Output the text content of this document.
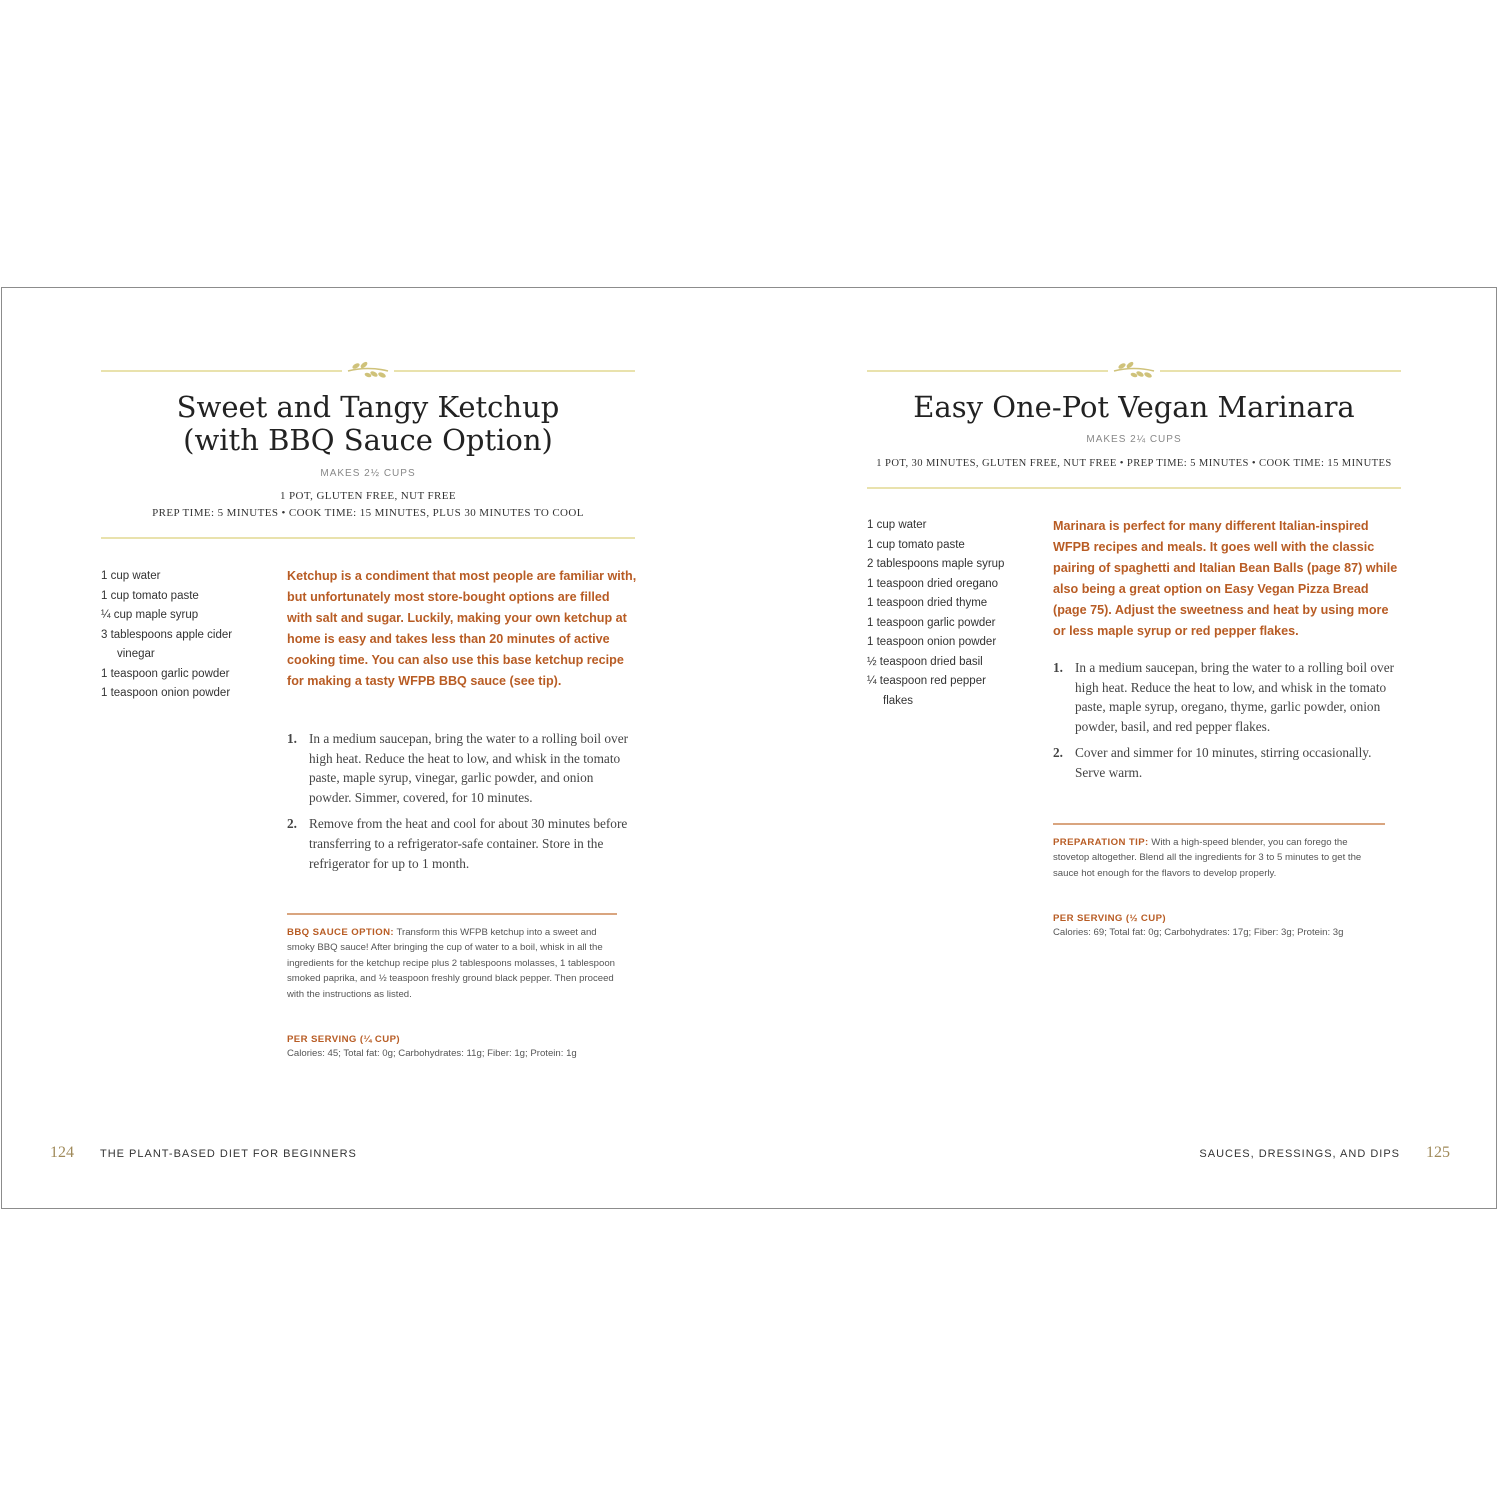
Sweet and Tangy Ketchup
(with BBQ Sauce Option)
MAKES 2½ CUPS
1 POT, GLUTEN FREE, NUT FREE
PREP TIME: 5 MINUTES • COOK TIME: 15 MINUTES, PLUS 30 MINUTES TO COOL
1 cup water
1 cup tomato paste
¼ cup maple syrup
3 tablespoons apple cider vinegar
1 teaspoon garlic powder
1 teaspoon onion powder

Ketchup is a condiment that most people are familiar with, but unfortunately most store-bought options are filled with salt and sugar. Luckily, making your own ketchup at home is easy and takes less than 20 minutes of active cooking time. You can also use this base ketchup recipe for making a tasty WFPB BBQ sauce (see tip).

1. In a medium saucepan, bring the water to a rolling boil over high heat. Reduce the heat to low, and whisk in the tomato paste, maple syrup, vinegar, garlic powder, and onion powder. Simmer, covered, for 10 minutes.
2. Remove from the heat and cool for about 30 minutes before transferring to a refrigerator-safe container. Store in the refrigerator for up to 1 month.

BBQ SAUCE OPTION: Transform this WFPB ketchup into a sweet and smoky BBQ sauce! After bringing the cup of water to a boil, whisk in all the ingredients for the ketchup recipe plus 2 tablespoons molasses, 1 tablespoon smoked paprika, and ½ teaspoon freshly ground black pepper. Then proceed with the instructions as listed.

PER SERVING (¼ CUP)
Calories: 45; Total fat: 0g; Carbohydrates: 11g; Fiber: 1g; Protein: 1g
124 THE PLANT-BASED DIET FOR BEGINNERS
Easy One-Pot Vegan Marinara
MAKES 2¼ CUPS
1 POT, 30 MINUTES, GLUTEN FREE, NUT FREE • PREP TIME: 5 MINUTES • COOK TIME: 15 MINUTES
1 cup water
1 cup tomato paste
2 tablespoons maple syrup
1 teaspoon dried oregano
1 teaspoon dried thyme
1 teaspoon garlic powder
1 teaspoon onion powder
½ teaspoon dried basil
¼ teaspoon red pepper flakes

Marinara is perfect for many different Italian-inspired WFPB recipes and meals. It goes well with the classic pairing of spaghetti and Italian Bean Balls (page 87) while also being a great option on Easy Vegan Pizza Bread (page 75). Adjust the sweetness and heat by using more or less maple syrup or red pepper flakes.

1. In a medium saucepan, bring the water to a rolling boil over high heat. Reduce the heat to low, and whisk in the tomato paste, maple syrup, oregano, thyme, garlic powder, onion powder, basil, and red pepper flakes.
2. Cover and simmer for 10 minutes, stirring occasionally. Serve warm.

PREPARATION TIP: With a high-speed blender, you can forego the stovetop altogether. Blend all the ingredients for 3 to 5 minutes to get the sauce hot enough for the flavors to develop properly.

PER SERVING (½ CUP)
Calories: 69; Total fat: 0g; Carbohydrates: 17g; Fiber: 3g; Protein: 3g
SAUCES, DRESSINGS, AND DIPS 125
